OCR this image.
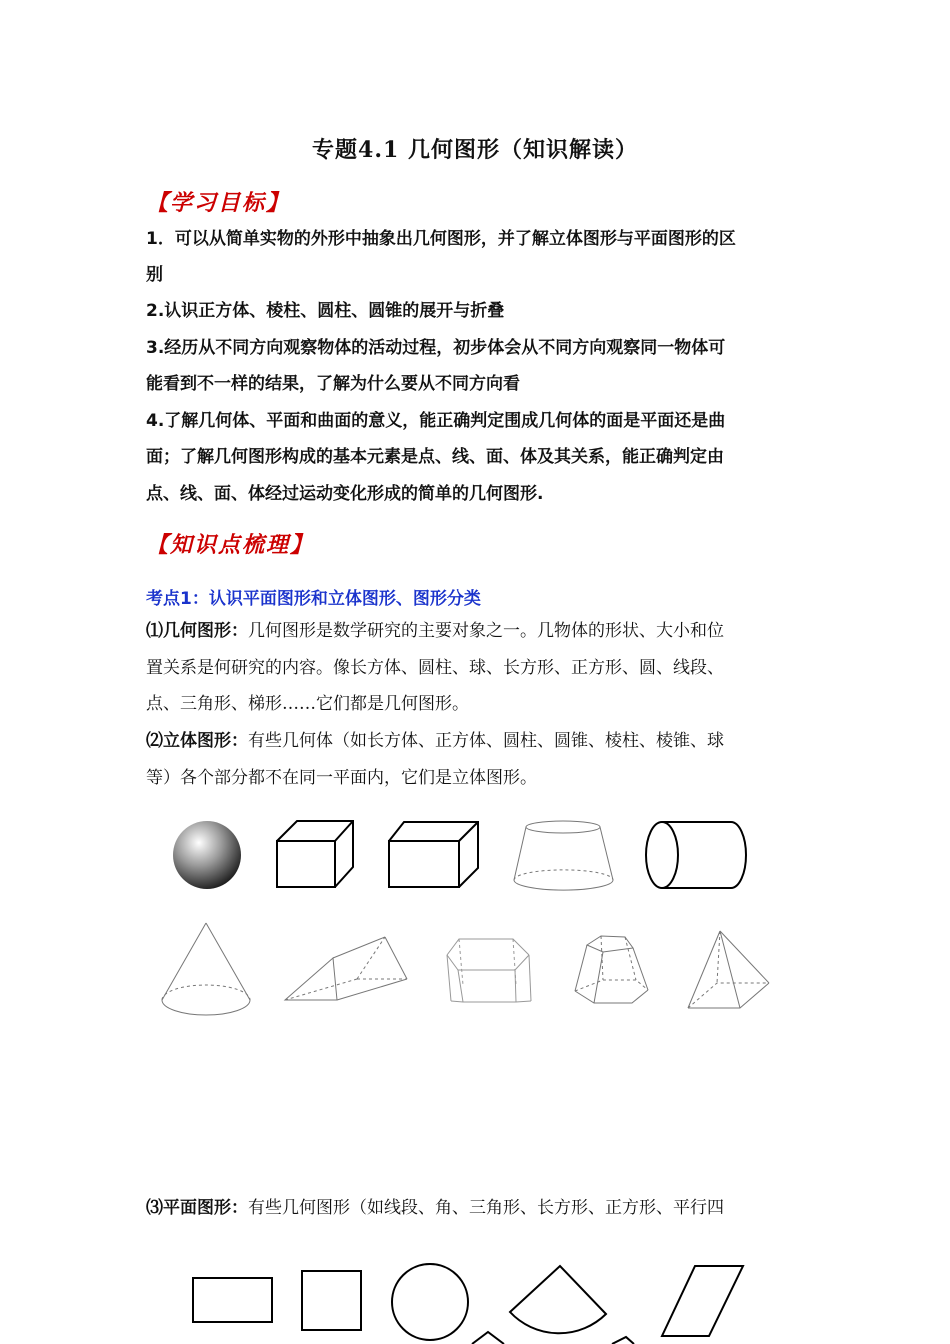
专题4.1 几何图形（知识解读）
【学习目标】
1．可以从简单实物的外形中抽象出几何图形，并了解立体图形与平面图形的区
别
2.认识正方体、棱柱、圆柱、圆锥的展开与折叠
3.经历从不同方向观察物体的活动过程，初步体会从不同方向观察同一物体可
能看到不一样的结果，了解为什么要从不同方向看
4.了解几何体、平面和曲面的意义，能正确判定围成几何体的面是平面还是曲
面；了解几何图形构成的基本元素是点、线、面、体及其关系，能正确判定由
点、线、面、体经过运动变化形成的简单的几何图形.
【知识点梳理】
考点1：认识平面图形和立体图形、图形分类
⑴几何图形：几何图形是数学研究的主要对象之一。几物体的形状、大小和位
置关系是何研究的内容。像长方体、圆柱、球、长方形、正方形、圆、线段、
点、三角形、梯形……它们都是几何图形。
⑵立体图形：有些几何体（如长方体、正方体、圆柱、圆锥、棱柱、棱锥、球
等）各个部分都不在同一平面内，它们是立体图形。
⑶平面图形：有些几何图形（如线段、角、三角形、长方形、正方形、平行四
